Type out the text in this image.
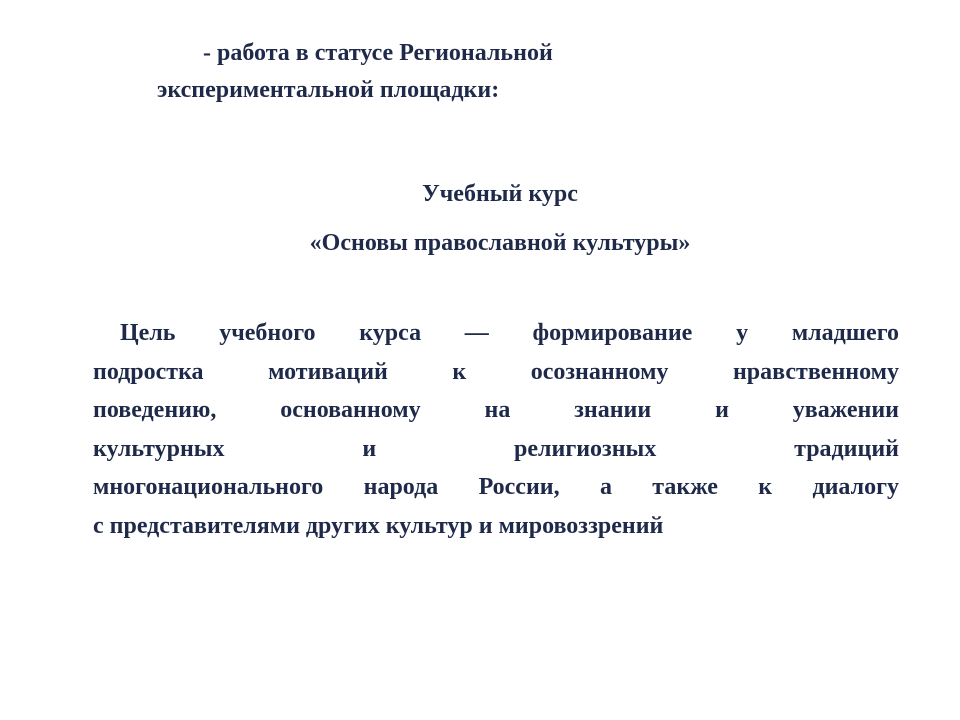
- работа в статусе Региональной
экспериментальной площадки:
Учебный курс
«Основы православной культуры»
Цель учебного курса — формирование у младшего
подростка мотиваций к осознанному нравственному
поведению, основанному на знании и уважении
культурных и религиозных традиций
многонационального народа России, а также к диалогу
с представителями других культур и мировоззрений
